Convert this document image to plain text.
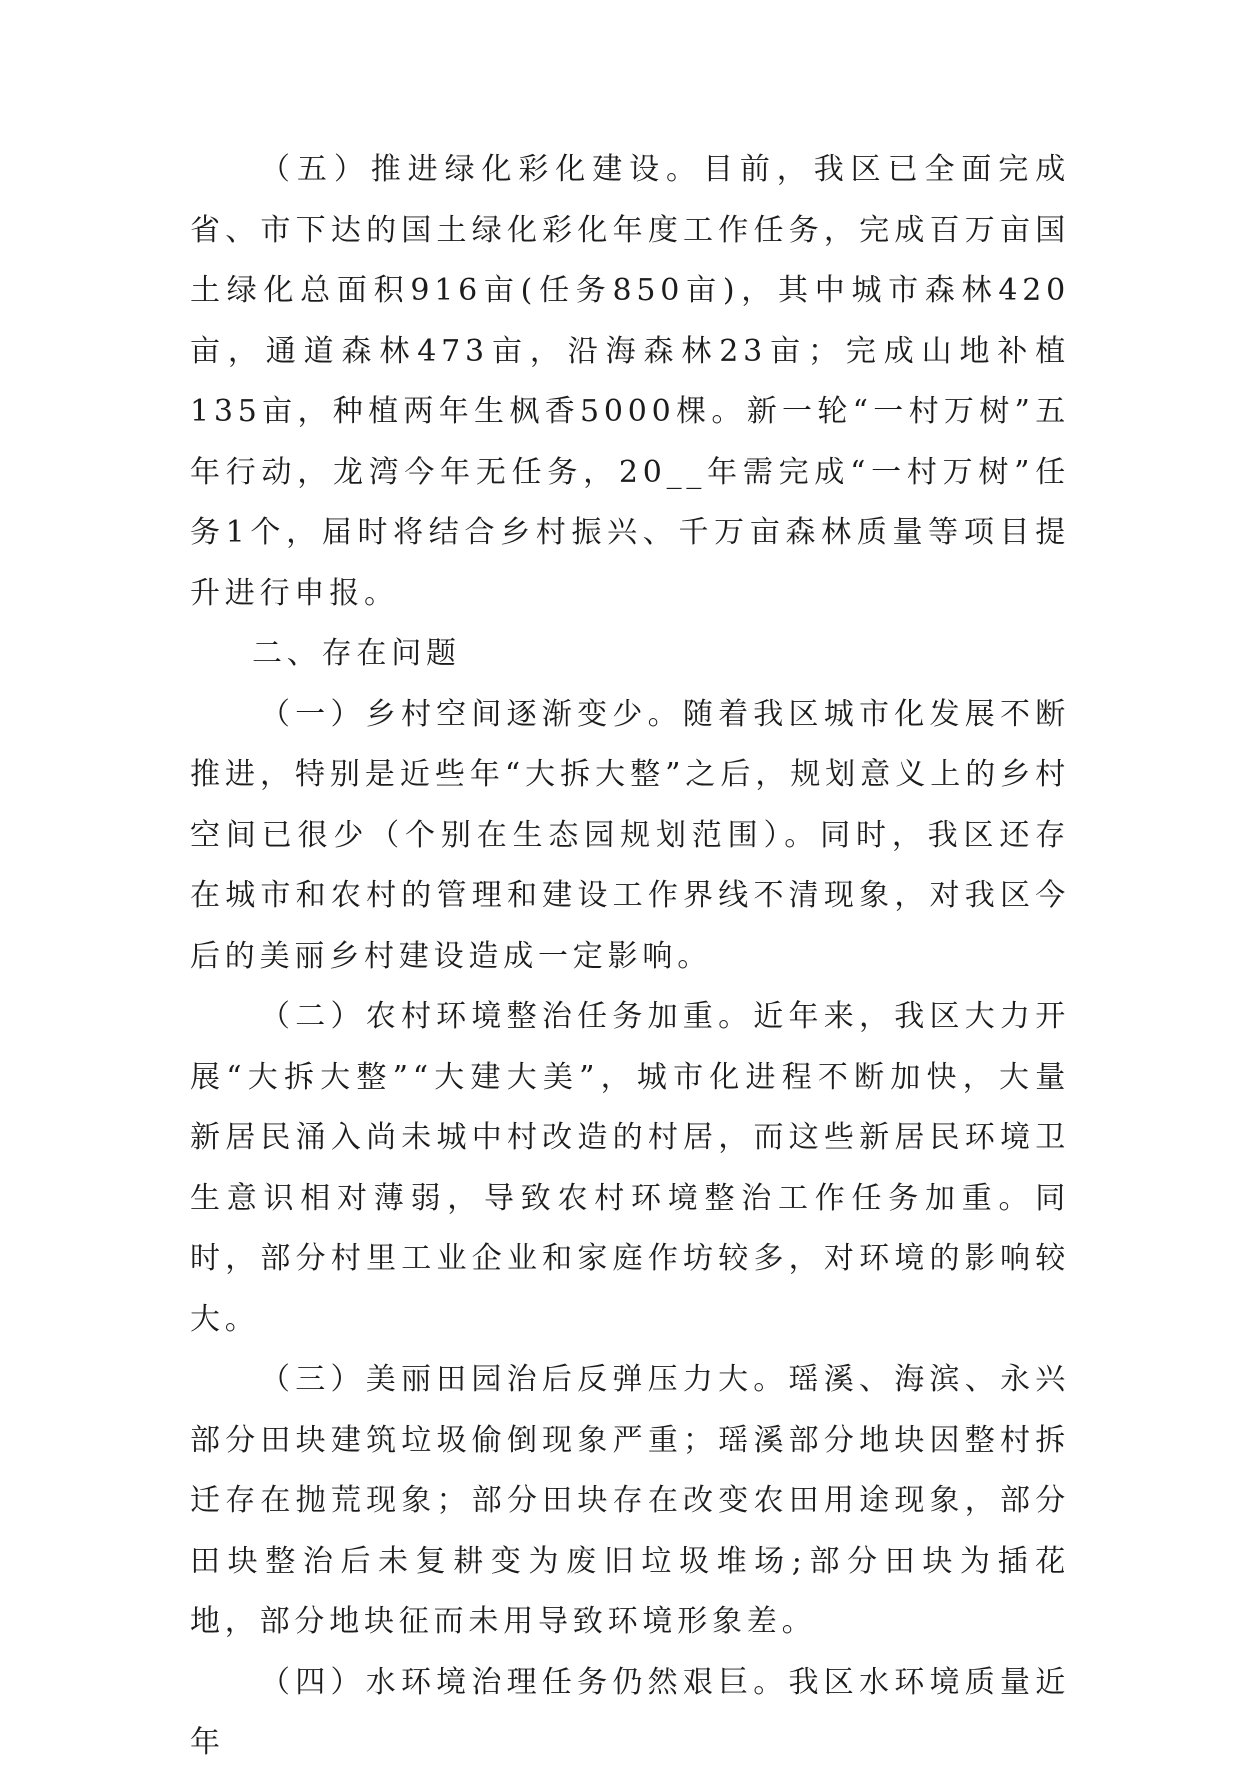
（五）推进绿化彩化建设。目前，我区已全面完成省、市下达的国土绿化彩化年度工作任务，完成百万亩国土绿化总面积916亩(任务850亩)，其中城市森林420亩，通道森林473亩，沿海森林23亩；完成山地补植135亩，种植两年生枫香5000棵。新一轮“一村万树”五年行动，龙湾今年无任务，20__年需完成“一村万树”任务1个，届时将结合乡村振兴、千万亩森林质量等项目提升进行申报。

二、存在问题

（一）乡村空间逐渐变少。随着我区城市化发展不断推进，特别是近些年“大拆大整”之后，规划意义上的乡村空间已很少（个别在生态园规划范围）。同时，我区还存在城市和农村的管理和建设工作界线不清现象，对我区今后的美丽乡村建设造成一定影响。

（二）农村环境整治任务加重。近年来，我区大力开展“大拆大整”“大建大美”，城市化进程不断加快，大量新居民涌入尚未城中村改造的村居，而这些新居民环境卫生意识相对薄弱，导致农村环境整治工作任务加重。同时，部分村里工业企业和家庭作坊较多，对环境的影响较大。

（三）美丽田园治后反弹压力大。瑶溪、海滨、永兴部分田块建筑垃圾偷倒现象严重；瑶溪部分地块因整村拆迁存在抛荒现象；部分田块存在改变农田用途现象，部分田块整治后未复耕变为废旧垃圾堆场;部分田块为插花地，部分地块征而未用导致环境形象差。

（四）水环境治理任务仍然艰巨。我区水环境质量近年
